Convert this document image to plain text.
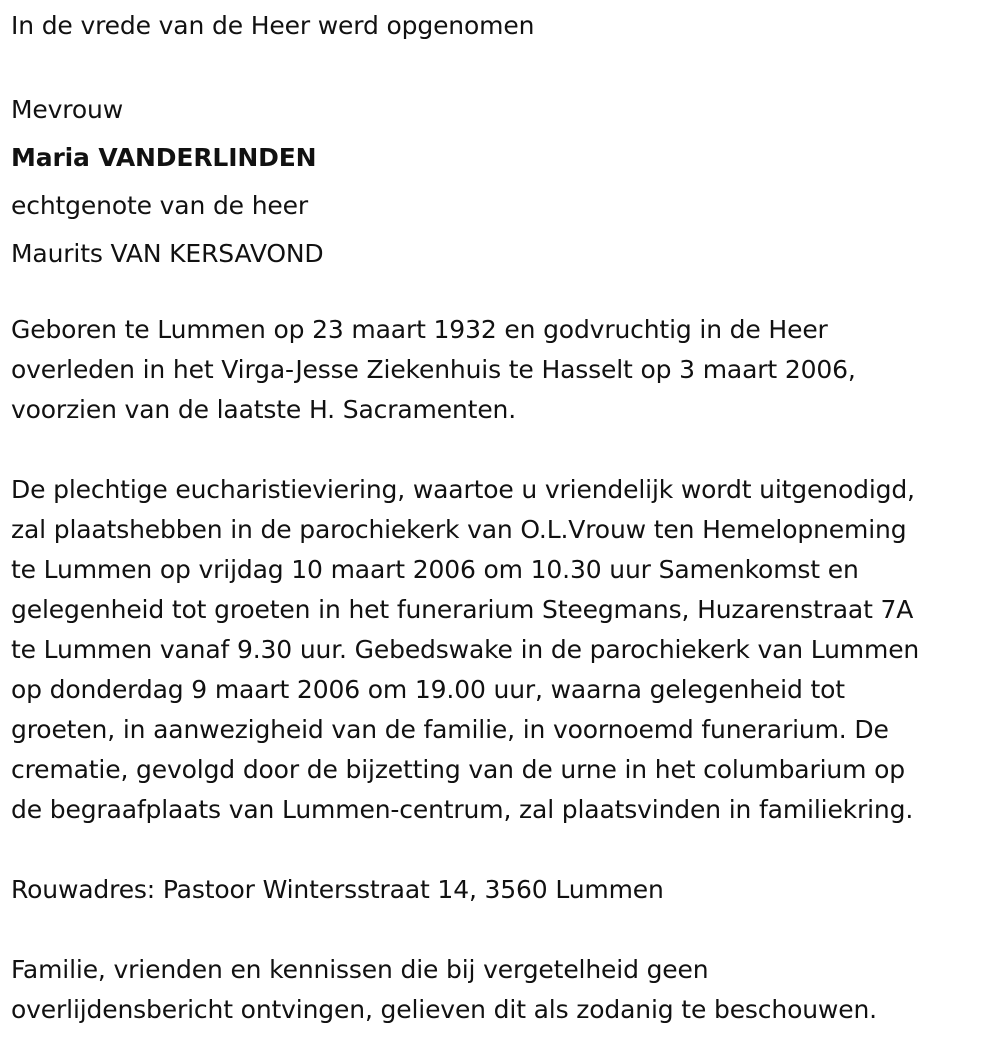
In de vrede van de Heer werd opgenomen

Mevrouw

Maria VANDERLINDEN

echtgenote van de heer

Maurits VAN KERSAVOND

Geboren te Lummen op 23 maart 1932 en godvruchtig in de Heer

overleden in het Virga-Jesse Ziekenhuis te Hasselt op 3 maart 2006,

voorzien van de laatste H. Sacramenten.

De plechtige eucharistieviering, waartoe u vriendelijk wordt uitgenodigd,

zal plaatshebben in de parochiekerk van O.L.Vrouw ten Hemelopneming

te Lummen op vrijdag 10 maart 2006 om 10.30 uur Samenkomst en

gelegenheid tot groeten in het funerarium Steegmans, Huzarenstraat 7A

te Lummen vanaf 9.30 uur. Gebedswake in de parochiekerk van Lummen

op donderdag 9 maart 2006 om 19.00 uur, waarna gelegenheid tot

groeten, in aanwezigheid van de familie, in voornoemd funerarium. De

crematie, gevolgd door de bijzetting van de urne in het columbarium op

de begraafplaats van Lummen-centrum, zal plaatsvinden in familiekring.

Rouwadres: Pastoor Wintersstraat 14, 3560 Lummen

Familie, vrienden en kennissen die bij vergetelheid geen

overlijdensbericht ontvingen, gelieven dit als zodanig te beschouwen.
